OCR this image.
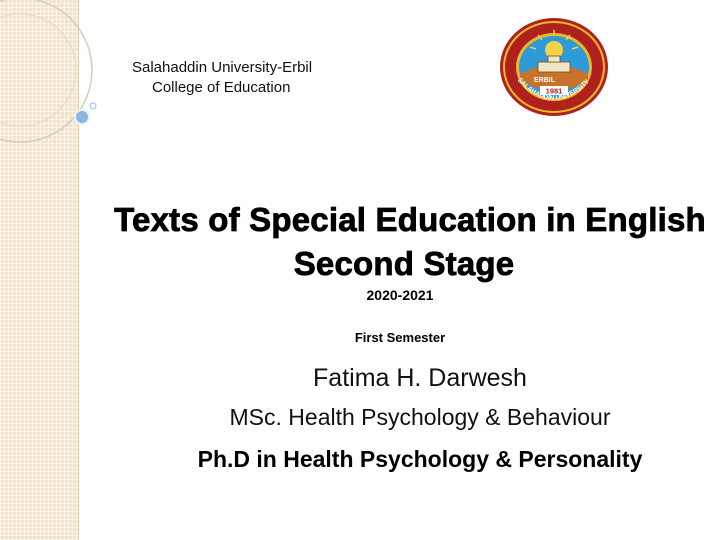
Salahaddin University-Erbil
College of Education	ERBIL
1981
SALAHADDIN UNIVERSITY
Texts of Special Education in English
Second Stage
2020-2021
First Semester
Fatima H. Darwesh
MSc. Health Psychology & Behaviour
Ph.D in Health Psychology & Personality
